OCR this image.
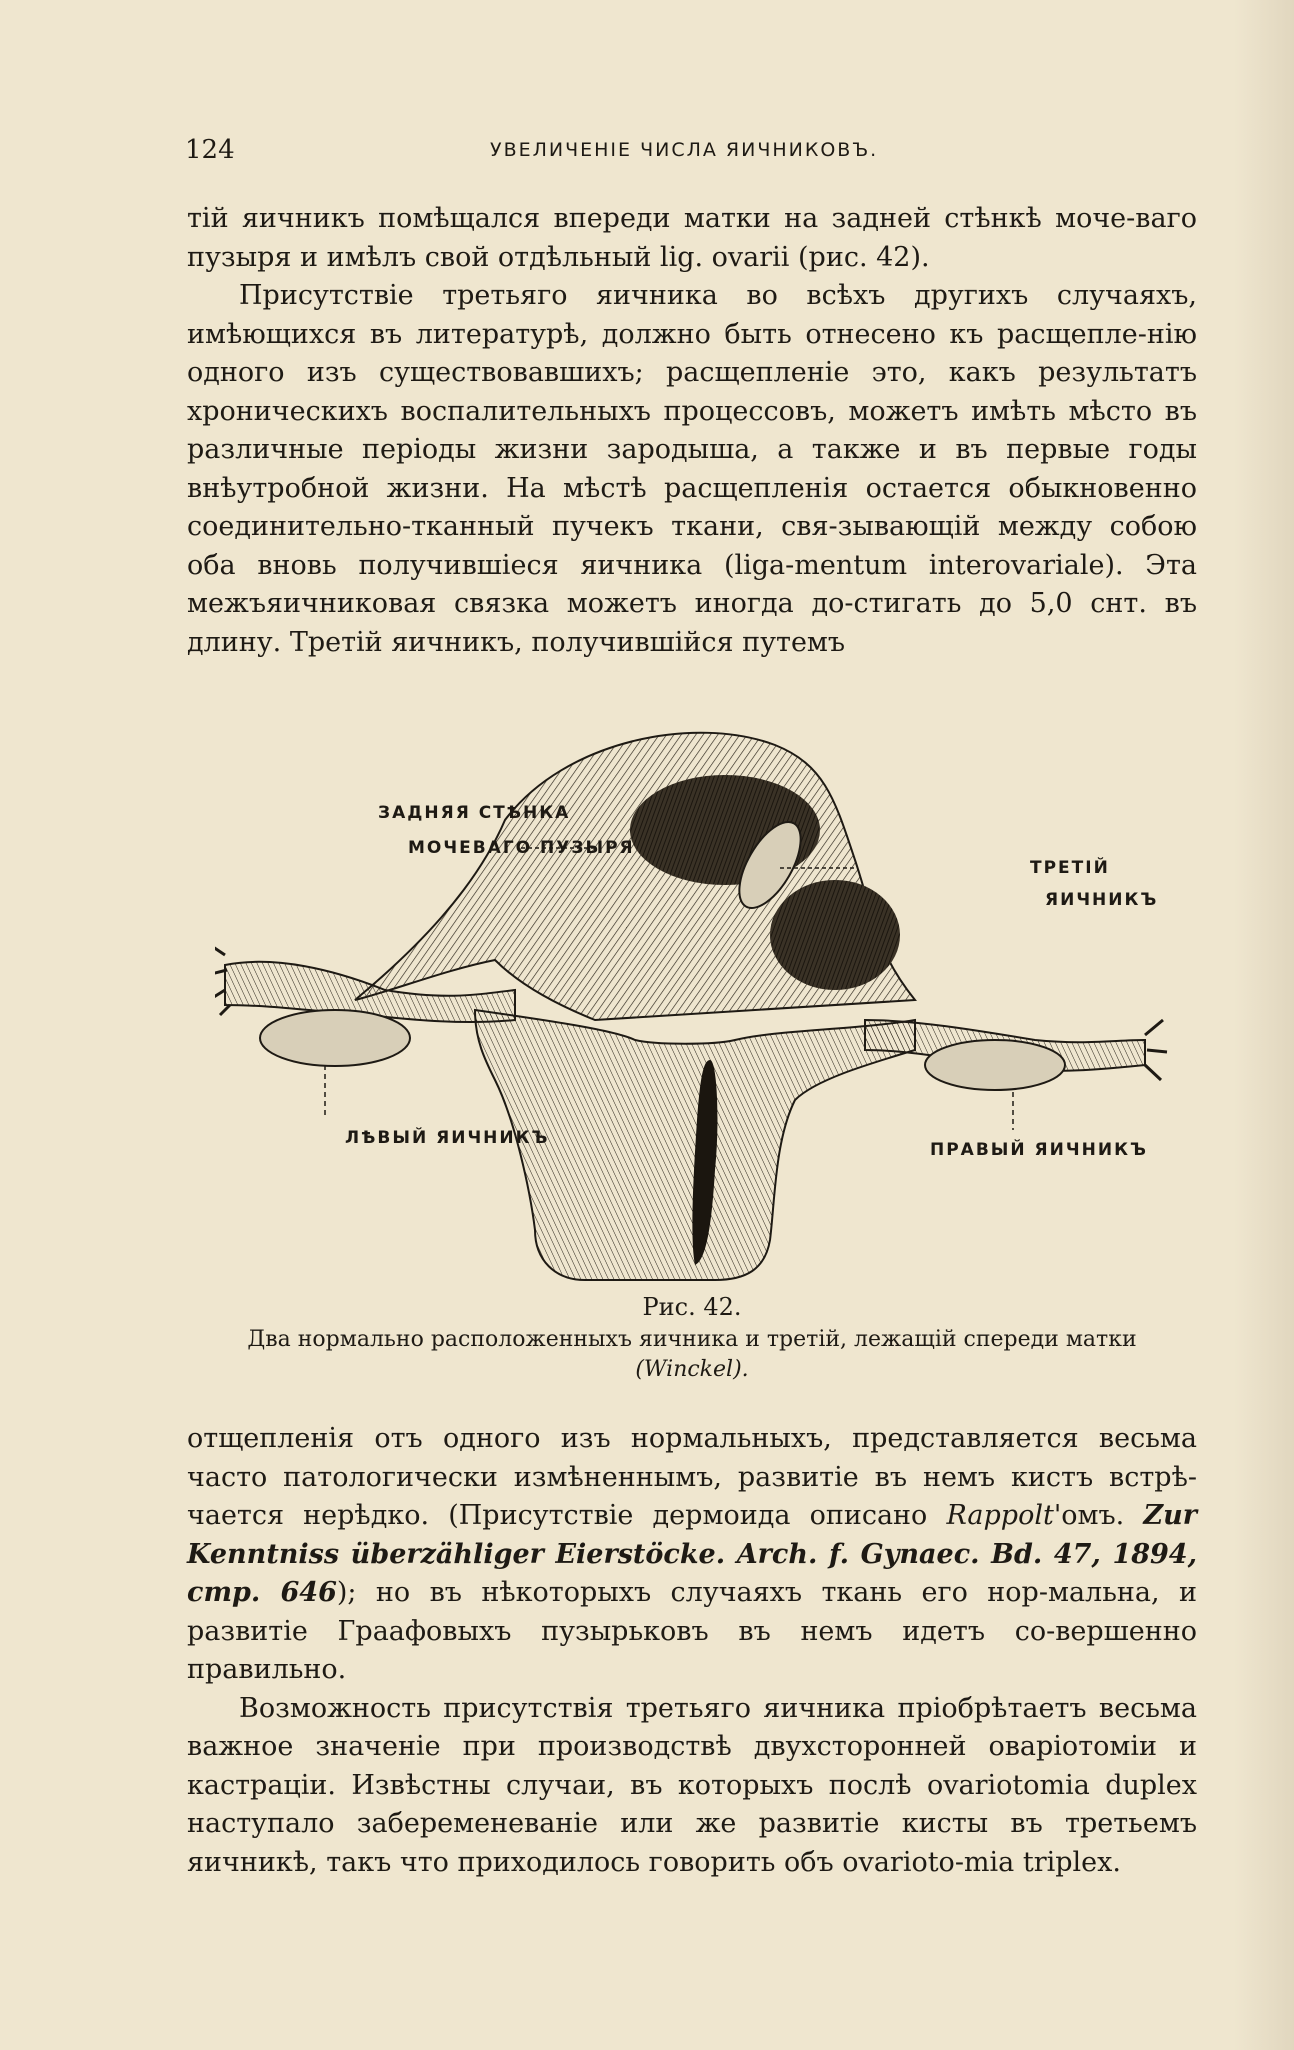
124	УВЕЛИЧЕНІЕ ЧИСЛА ЯИЧНИКОВЪ.

тій яичникъ помѣщался впереди матки на задней стѣнкѣ моче-вагo пузыря и имѣлъ свой отдѣльный lig. ovarii (рис. 42).

Присутствіе третьяго яичника во всѣхъ другихъ случаяхъ, имѣющихся въ литературѣ, должно быть отнесено къ расщепле-нію одного изъ существовавшихъ; расщепленіе это, какъ результатъ хроническихъ воспалительныхъ процессовъ, можетъ имѣть мѣсто въ различные періоды жизни зародыша, а также и въ первые годы внѣутробной жизни. На мѣстѣ расщепленія остается обыкновенно соединительно-тканный пучекъ ткани, свя-зывающій между собою оба вновь получившіеся яичника (liga-mentum interovariale). Эта межъяичниковая связка можетъ иногда до-стигать до 5,0 снт. въ длину. Третій яичникъ, получившійся путемъ

ЗАДНЯЯ СТѢНКА
МОЧЕВАГО ПУЗЫРЯ
ТРЕТІЙ
ЯИЧНИКЪ
ЛѢВЫЙ ЯИЧНИКЪ
ПРАВЫЙ ЯИЧНИКЪ
Рис. 42.
Два нормально расположенныхъ яичника и третій, лежащій спереди матки
(Winckel).

отщепленія отъ одного изъ нормальныхъ, представляется весьма часто патологически измѣненнымъ, развитіе въ немъ кистъ встрѣ-чается нерѣдко. (Присутствіе дермоида описано Rappolt'омъ. Zur Kenntniss überzähliger Eierstöcke. Arch. f. Gynaec. Bd. 47, 1894, стр. 646); но въ нѣкоторыхъ случаяхъ ткань его нор-мальна, и развитіе Граафовыхъ пузырьковъ въ немъ идетъ со-вершенно правильно.

Возможность присутствія третьяго яичника пріобрѣтаетъ весьма важное значеніе при производствѣ двухсторонней оваріотоміи и кастраціи. Извѣстны случаи, въ которыхъ послѣ ovariotomia duplex наступало забеременеваніе или же развитіе кисты въ третьемъ яичникѣ, такъ что приходилось говорить объ ovarioto-mia triplex.
